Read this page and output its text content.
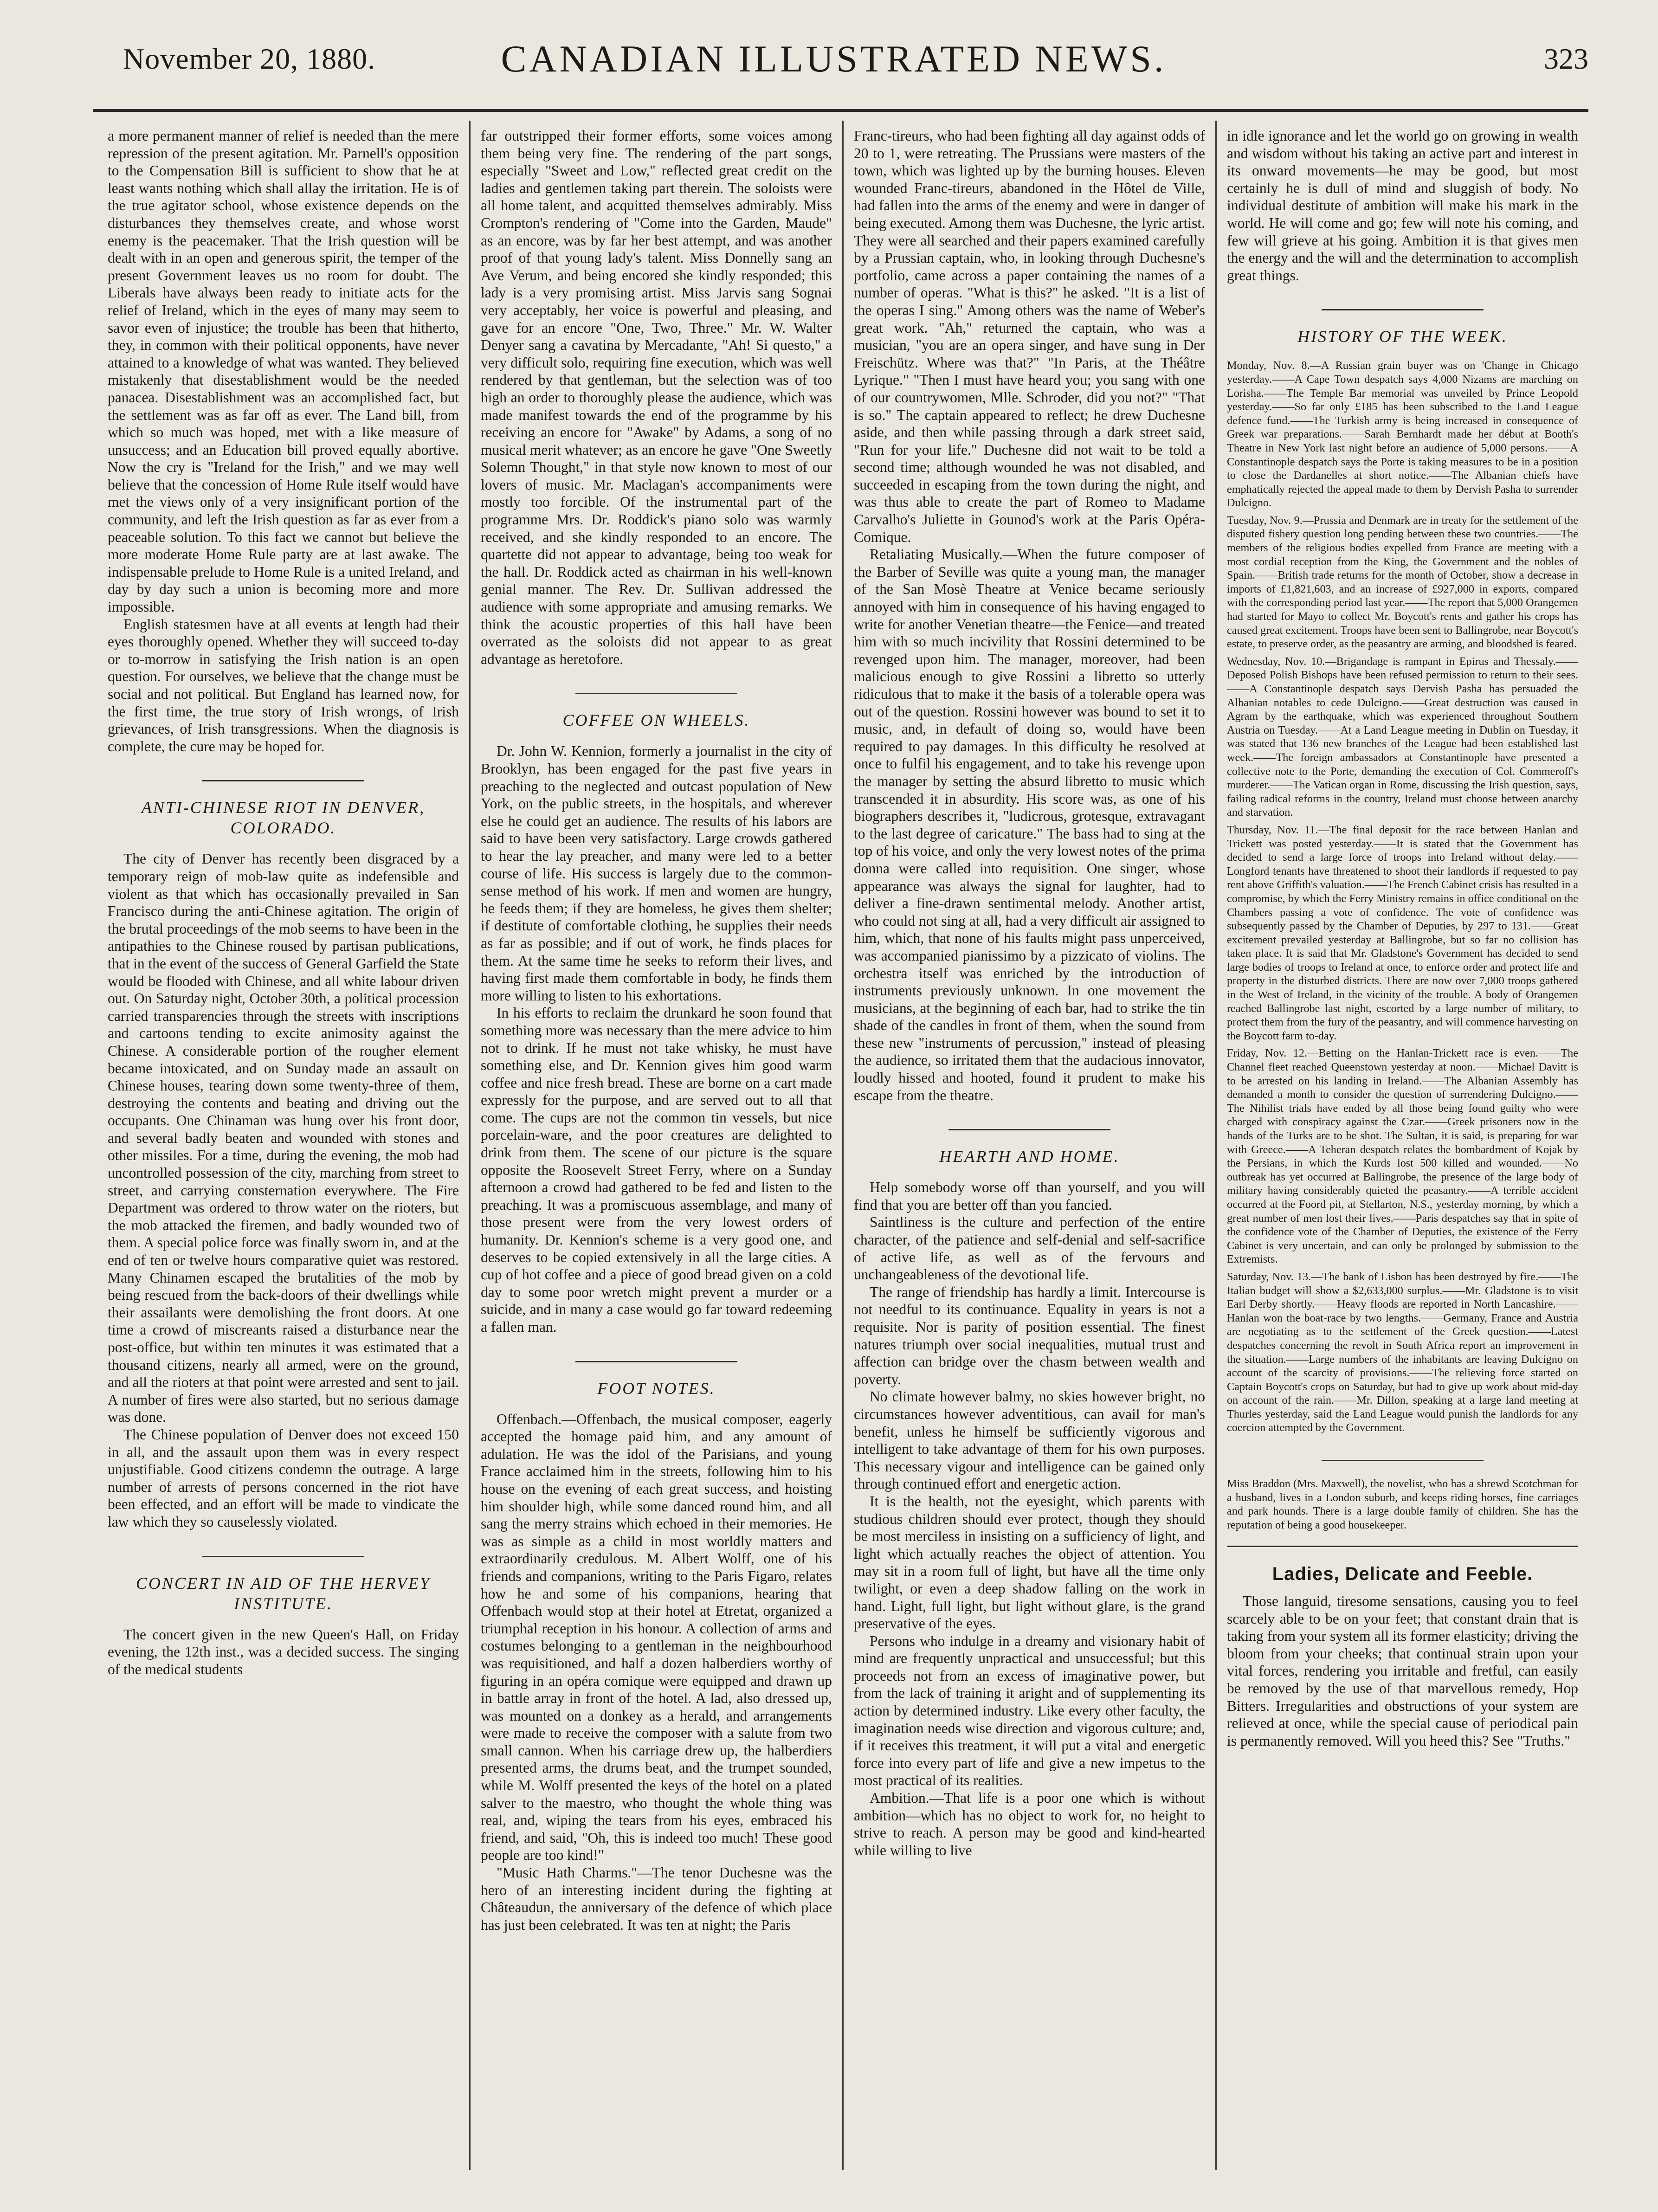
November 20, 1880.	CANADIAN ILLUSTRATED NEWS.	323

a more permanent manner of relief is needed than the mere repression of the present agitation. Mr. Parnell's opposition to the Compensation Bill is sufficient to show that he at least wants nothing which shall allay the irritation. He is of the true agitator school, whose existence depends on the disturbances they themselves create, and whose worst enemy is the peacemaker. That the Irish question will be dealt with in an open and generous spirit, the temper of the present Government leaves us no room for doubt. The Liberals have always been ready to initiate acts for the relief of Ireland, which in the eyes of many may seem to savor even of injustice; the trouble has been that hitherto, they, in common with their political opponents, have never attained to a knowledge of what was wanted. They believed mistakenly that disestablishment would be the needed panacea. Disestablishment was an accomplished fact, but the settlement was as far off as ever. The Land bill, from which so much was hoped, met with a like measure of unsuccess; and an Education bill proved equally abortive. Now the cry is "Ireland for the Irish," and we may well believe that the concession of Home Rule itself would have met the views only of a very insignificant portion of the community, and left the Irish question as far as ever from a peaceable solution. To this fact we cannot but believe the more moderate Home Rule party are at last awake. The indispensable prelude to Home Rule is a united Ireland, and day by day such a union is becoming more and more impossible.

English statesmen have at all events at length had their eyes thoroughly opened. Whether they will succeed to-day or to-morrow in satisfying the Irish nation is an open question. For ourselves, we believe that the change must be social and not political. But England has learned now, for the first time, the true story of Irish wrongs, of Irish grievances, of Irish transgressions. When the diagnosis is complete, the cure may be hoped for.

ANTI-CHINESE RIOT IN DENVER, COLORADO.

The city of Denver has recently been disgraced by a temporary reign of mob-law quite as indefensible and violent as that which has occasionally prevailed in San Francisco during the anti-Chinese agitation. The origin of the brutal proceedings of the mob seems to have been in the antipathies to the Chinese roused by partisan publications, that in the event of the success of General Garfield the State would be flooded with Chinese, and all white labour driven out. On Saturday night, October 30th, a political procession carried transparencies through the streets with inscriptions and cartoons tending to excite animosity against the Chinese. A considerable portion of the rougher element became intoxicated, and on Sunday made an assault on Chinese houses, tearing down some twenty-three of them, destroying the contents and beating and driving out the occupants. One Chinaman was hung over his front door, and several badly beaten and wounded with stones and other missiles. For a time, during the evening, the mob had uncontrolled possession of the city, marching from street to street, and carrying consternation everywhere. The Fire Department was ordered to throw water on the rioters, but the mob attacked the firemen, and badly wounded two of them. A special police force was finally sworn in, and at the end of ten or twelve hours comparative quiet was restored. Many Chinamen escaped the brutalities of the mob by being rescued from the back-doors of their dwellings while their assailants were demolishing the front doors. At one time a crowd of miscreants raised a disturbance near the post-office, but within ten minutes it was estimated that a thousand citizens, nearly all armed, were on the ground, and all the rioters at that point were arrested and sent to jail. A number of fires were also started, but no serious damage was done.

The Chinese population of Denver does not exceed 150 in all, and the assault upon them was in every respect unjustifiable. Good citizens condemn the outrage. A large number of arrests of persons concerned in the riot have been effected, and an effort will be made to vindicate the law which they so causelessly violated.

CONCERT IN AID OF THE HERVEY INSTITUTE.

The concert given in the new Queen's Hall, on Friday evening, the 12th inst., was a decided success. The singing of the medical students

far outstripped their former efforts, some voices among them being very fine. The rendering of the part songs, especially "Sweet and Low," reflected great credit on the ladies and gentlemen taking part therein. The soloists were all home talent, and acquitted themselves admirably. Miss Crompton's rendering of "Come into the Garden, Maude" as an encore, was by far her best attempt, and was another proof of that young lady's talent. Miss Donnelly sang an Ave Verum, and being encored she kindly responded; this lady is a very promising artist. Miss Jarvis sang Sognai very acceptably, her voice is powerful and pleasing, and gave for an encore "One, Two, Three." Mr. W. Walter Denyer sang a cavatina by Mercadante, "Ah! Si questo," a very difficult solo, requiring fine execution, which was well rendered by that gentleman, but the selection was of too high an order to thoroughly please the audience, which was made manifest towards the end of the programme by his receiving an encore for "Awake" by Adams, a song of no musical merit whatever; as an encore he gave "One Sweetly Solemn Thought," in that style now known to most of our lovers of music. Mr. Maclagan's accompaniments were mostly too forcible. Of the instrumental part of the programme Mrs. Dr. Roddick's piano solo was warmly received, and she kindly responded to an encore. The quartette did not appear to advantage, being too weak for the hall. Dr. Roddick acted as chairman in his well-known genial manner. The Rev. Dr. Sullivan addressed the audience with some appropriate and amusing remarks. We think the acoustic properties of this hall have been overrated as the soloists did not appear to as great advantage as heretofore.

COFFEE ON WHEELS.

Dr. John W. Kennion, formerly a journalist in the city of Brooklyn, has been engaged for the past five years in preaching to the neglected and outcast population of New York, on the public streets, in the hospitals, and wherever else he could get an audience. The results of his labors are said to have been very satisfactory. Large crowds gathered to hear the lay preacher, and many were led to a better course of life. His success is largely due to the common-sense method of his work. If men and women are hungry, he feeds them; if they are homeless, he gives them shelter; if destitute of comfortable clothing, he supplies their needs as far as possible; and if out of work, he finds places for them. At the same time he seeks to reform their lives, and having first made them comfortable in body, he finds them more willing to listen to his exhortations.

In his efforts to reclaim the drunkard he soon found that something more was necessary than the mere advice to him not to drink. If he must not take whisky, he must have something else, and Dr. Kennion gives him good warm coffee and nice fresh bread. These are borne on a cart made expressly for the purpose, and are served out to all that come. The cups are not the common tin vessels, but nice porcelain-ware, and the poor creatures are delighted to drink from them. The scene of our picture is the square opposite the Roosevelt Street Ferry, where on a Sunday afternoon a crowd had gathered to be fed and listen to the preaching. It was a promiscuous assemblage, and many of those present were from the very lowest orders of humanity. Dr. Kennion's scheme is a very good one, and deserves to be copied extensively in all the large cities. A cup of hot coffee and a piece of good bread given on a cold day to some poor wretch might prevent a murder or a suicide, and in many a case would go far toward redeeming a fallen man.

FOOT NOTES.

Offenbach.—Offenbach, the musical composer, eagerly accepted the homage paid him, and any amount of adulation. He was the idol of the Parisians, and young France acclaimed him in the streets, following him to his house on the evening of each great success, and hoisting him shoulder high, while some danced round him, and all sang the merry strains which echoed in their memories. He was as simple as a child in most worldly matters and extraordinarily credulous. M. Albert Wolff, one of his friends and companions, writing to the Paris Figaro, relates how he and some of his companions, hearing that Offenbach would stop at their hotel at Etretat, organized a triumphal reception in his honour. A collection of arms and costumes belonging to a gentleman in the neighbourhood was requisitioned, and half a dozen halberdiers worthy of figuring in an opéra comique were equipped and drawn up in battle array in front of the hotel. A lad, also dressed up, was mounted on a donkey as a herald, and arrangements were made to receive the composer with a salute from two small cannon. When his carriage drew up, the halberdiers presented arms, the drums beat, and the trumpet sounded, while M. Wolff presented the keys of the hotel on a plated salver to the maestro, who thought the whole thing was real, and, wiping the tears from his eyes, embraced his friend, and said, "Oh, this is indeed too much! These good people are too kind!"

"Music Hath Charms."—The tenor Duchesne was the hero of an interesting incident during the fighting at Châteaudun, the anniversary of the defence of which place has just been celebrated. It was ten at night; the Paris

Franc-tireurs, who had been fighting all day against odds of 20 to 1, were retreating. The Prussians were masters of the town, which was lighted up by the burning houses. Eleven wounded Franc-tireurs, abandoned in the Hôtel de Ville, had fallen into the arms of the enemy and were in danger of being executed. Among them was Duchesne, the lyric artist. They were all searched and their papers examined carefully by a Prussian captain, who, in looking through Duchesne's portfolio, came across a paper containing the names of a number of operas. "What is this?" he asked. "It is a list of the operas I sing." Among others was the name of Weber's great work. "Ah," returned the captain, who was a musician, "you are an opera singer, and have sung in Der Freischütz. Where was that?" "In Paris, at the Théâtre Lyrique." "Then I must have heard you; you sang with one of our countrywomen, Mlle. Schroder, did you not?" "That is so." The captain appeared to reflect; he drew Duchesne aside, and then while passing through a dark street said, "Run for your life." Duchesne did not wait to be told a second time; although wounded he was not disabled, and succeeded in escaping from the town during the night, and was thus able to create the part of Romeo to Madame Carvalho's Juliette in Gounod's work at the Paris Opéra-Comique.

Retaliating Musically.—When the future composer of the Barber of Seville was quite a young man, the manager of the San Mosè Theatre at Venice became seriously annoyed with him in consequence of his having engaged to write for another Venetian theatre—the Fenice—and treated him with so much incivility that Rossini determined to be revenged upon him. The manager, moreover, had been malicious enough to give Rossini a libretto so utterly ridiculous that to make it the basis of a tolerable opera was out of the question. Rossini however was bound to set it to music, and, in default of doing so, would have been required to pay damages. In this difficulty he resolved at once to fulfil his engagement, and to take his revenge upon the manager by setting the absurd libretto to music which transcended it in absurdity. His score was, as one of his biographers describes it, "ludicrous, grotesque, extravagant to the last degree of caricature." The bass had to sing at the top of his voice, and only the very lowest notes of the prima donna were called into requisition. One singer, whose appearance was always the signal for laughter, had to deliver a fine-drawn sentimental melody. Another artist, who could not sing at all, had a very difficult air assigned to him, which, that none of his faults might pass unperceived, was accompanied pianissimo by a pizzicato of violins. The orchestra itself was enriched by the introduction of instruments previously unknown. In one movement the musicians, at the beginning of each bar, had to strike the tin shade of the candles in front of them, when the sound from these new "instruments of percussion," instead of pleasing the audience, so irritated them that the audacious innovator, loudly hissed and hooted, found it prudent to make his escape from the theatre.

HEARTH AND HOME.

Help somebody worse off than yourself, and you will find that you are better off than you fancied.

Saintliness is the culture and perfection of the entire character, of the patience and self-denial and self-sacrifice of active life, as well as of the fervours and unchangeableness of the devotional life.

The range of friendship has hardly a limit. Intercourse is not needful to its continuance. Equality in years is not a requisite. Nor is parity of position essential. The finest natures triumph over social inequalities, mutual trust and affection can bridge over the chasm between wealth and poverty.

No climate however balmy, no skies however bright, no circumstances however adventitious, can avail for man's benefit, unless he himself be sufficiently vigorous and intelligent to take advantage of them for his own purposes. This necessary vigour and intelligence can be gained only through continued effort and energetic action.

It is the health, not the eyesight, which parents with studious children should ever protect, though they should be most merciless in insisting on a sufficiency of light, and light which actually reaches the object of attention. You may sit in a room full of light, but have all the time only twilight, or even a deep shadow falling on the work in hand. Light, full light, but light without glare, is the grand preservative of the eyes.

Persons who indulge in a dreamy and visionary habit of mind are frequently unpractical and unsuccessful; but this proceeds not from an excess of imaginative power, but from the lack of training it aright and of supplementing its action by determined industry. Like every other faculty, the imagination needs wise direction and vigorous culture; and, if it receives this treatment, it will put a vital and energetic force into every part of life and give a new impetus to the most practical of its realities.

Ambition.—That life is a poor one which is without ambition—which has no object to work for, no height to strive to reach. A person may be good and kind-hearted while willing to live

in idle ignorance and let the world go on growing in wealth and wisdom without his taking an active part and interest in its onward movements—he may be good, but most certainly he is dull of mind and sluggish of body. No individual destitute of ambition will make his mark in the world. He will come and go; few will note his coming, and few will grieve at his going. Ambition it is that gives men the energy and the will and the determination to accomplish great things.

HISTORY OF THE WEEK.

Monday, Nov. 8.—A Russian grain buyer was on 'Change in Chicago yesterday.——A Cape Town despatch says 4,000 Nizams are marching on Lorisha.——The Temple Bar memorial was unveiled by Prince Leopold yesterday.——So far only £185 has been subscribed to the Land League defence fund.——The Turkish army is being increased in consequence of Greek war preparations.——Sarah Bernhardt made her début at Booth's Theatre in New York last night before an audience of 5,000 persons.——A Constantinople despatch says the Porte is taking measures to be in a position to close the Dardanelles at short notice.——The Albanian chiefs have emphatically rejected the appeal made to them by Dervish Pasha to surrender Dulcigno.

Tuesday, Nov. 9.—Prussia and Denmark are in treaty for the settlement of the disputed fishery question long pending between these two countries.——The members of the religious bodies expelled from France are meeting with a most cordial reception from the King, the Government and the nobles of Spain.——British trade returns for the month of October, show a decrease in imports of £1,821,603, and an increase of £927,000 in exports, compared with the corresponding period last year.——The report that 5,000 Orangemen had started for Mayo to collect Mr. Boycott's rents and gather his crops has caused great excitement. Troops have been sent to Ballingrobe, near Boycott's estate, to preserve order, as the peasantry are arming, and bloodshed is feared.

Wednesday, Nov. 10.—Brigandage is rampant in Epirus and Thessaly.——Deposed Polish Bishops have been refused permission to return to their sees.——A Constantinople despatch says Dervish Pasha has persuaded the Albanian notables to cede Dulcigno.——Great destruction was caused in Agram by the earthquake, which was experienced throughout Southern Austria on Tuesday.——At a Land League meeting in Dublin on Tuesday, it was stated that 136 new branches of the League had been established last week.——The foreign ambassadors at Constantinople have presented a collective note to the Porte, demanding the execution of Col. Commeroff's murderer.——The Vatican organ in Rome, discussing the Irish question, says, failing radical reforms in the country, Ireland must choose between anarchy and starvation.

Thursday, Nov. 11.—The final deposit for the race between Hanlan and Trickett was posted yesterday.——It is stated that the Government has decided to send a large force of troops into Ireland without delay.——Longford tenants have threatened to shoot their landlords if requested to pay rent above Griffith's valuation.——The French Cabinet crisis has resulted in a compromise, by which the Ferry Ministry remains in office conditional on the Chambers passing a vote of confidence. The vote of confidence was subsequently passed by the Chamber of Deputies, by 297 to 131.——Great excitement prevailed yesterday at Ballingrobe, but so far no collision has taken place. It is said that Mr. Gladstone's Government has decided to send large bodies of troops to Ireland at once, to enforce order and protect life and property in the disturbed districts. There are now over 7,000 troops gathered in the West of Ireland, in the vicinity of the trouble. A body of Orangemen reached Ballingrobe last night, escorted by a large number of military, to protect them from the fury of the peasantry, and will commence harvesting on the Boycott farm to-day.

Friday, Nov. 12.—Betting on the Hanlan-Trickett race is even.——The Channel fleet reached Queenstown yesterday at noon.——Michael Davitt is to be arrested on his landing in Ireland.——The Albanian Assembly has demanded a month to consider the question of surrendering Dulcigno.——The Nihilist trials have ended by all those being found guilty who were charged with conspiracy against the Czar.——Greek prisoners now in the hands of the Turks are to be shot. The Sultan, it is said, is preparing for war with Greece.——A Teheran despatch relates the bombardment of Kojak by the Persians, in which the Kurds lost 500 killed and wounded.——No outbreak has yet occurred at Ballingrobe, the presence of the large body of military having considerably quieted the peasantry.——A terrible accident occurred at the Foord pit, at Stellarton, N.S., yesterday morning, by which a great number of men lost their lives.——Paris despatches say that in spite of the confidence vote of the Chamber of Deputies, the existence of the Ferry Cabinet is very uncertain, and can only be prolonged by submission to the Extremists.

Saturday, Nov. 13.—The bank of Lisbon has been destroyed by fire.——The Italian budget will show a $2,633,000 surplus.——Mr. Gladstone is to visit Earl Derby shortly.——Heavy floods are reported in North Lancashire.——Hanlan won the boat-race by two lengths.——Germany, France and Austria are negotiating as to the settlement of the Greek question.——Latest despatches concerning the revolt in South Africa report an improvement in the situation.——Large numbers of the inhabitants are leaving Dulcigno on account of the scarcity of provisions.——The relieving force started on Captain Boycott's crops on Saturday, but had to give up work about mid-day on account of the rain.——Mr. Dillon, speaking at a large land meeting at Thurles yesterday, said the Land League would punish the landlords for any coercion attempted by the Government.

Miss Braddon (Mrs. Maxwell), the novelist, who has a shrewd Scotchman for a husband, lives in a London suburb, and keeps riding horses, fine carriages and park hounds. There is a large double family of children. She has the reputation of being a good housekeeper.

Ladies, Delicate and Feeble.

Those languid, tiresome sensations, causing you to feel scarcely able to be on your feet; that constant drain that is taking from your system all its former elasticity; driving the bloom from your cheeks; that continual strain upon your vital forces, rendering you irritable and fretful, can easily be removed by the use of that marvellous remedy, Hop Bitters. Irregularities and obstructions of your system are relieved at once, while the special cause of periodical pain is permanently removed. Will you heed this? See "Truths."
